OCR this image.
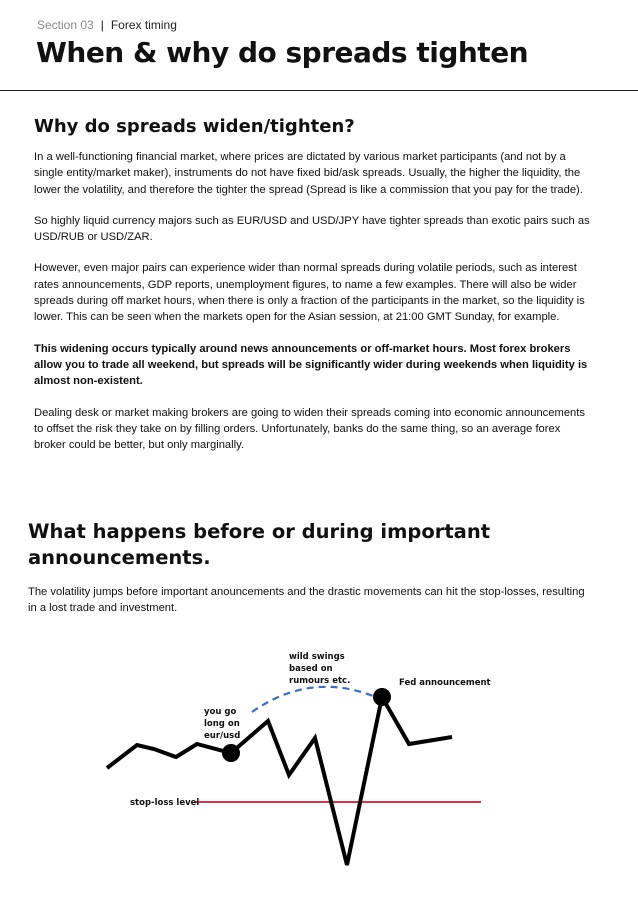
Section 03 | Forex timing
When & why do spreads tighten
Why do spreads widen/tighten?

In a well-functioning financial market, where prices are dictated by various market participants (and not by a single entity/market maker), instruments do not have fixed bid/ask spreads. Usually, the higher the liquidity, the lower the volatility, and therefore the tighter the spread (Spread is like a commission that you pay for the trade).

So highly liquid currency majors such as EUR/USD and USD/JPY have tighter spreads than exotic pairs such as USD/RUB or USD/ZAR.

However, even major pairs can experience wider than normal spreads during volatile periods, such as interest rates announcements, GDP reports, unemployment figures, to name a few examples. There will also be wider spreads during off market hours, when there is only a fraction of the participants in the market, so the liquidity is lower. This can be seen when the markets open for the Asian session, at 21:00 GMT Sunday, for example.

This widening occurs typically around news announcements or off-market hours. Most forex brokers allow you to trade all weekend, but spreads will be significantly wider during weekends when liquidity is almost non-existent.

Dealing desk or market making brokers are going to widen their spreads coming into economic announcements to offset the risk they take on by filling orders. Unfortunately, banks do the same thing, so an average forex broker could be better, but only marginally.

What happens before or during important announcements.

The volatility jumps before important anouncements and the drastic movements can hit the stop-losses, resulting in a lost trade and investment.

you go
long on
eur/usd
wild swings
based on
rumours etc.	Fed announcement
stop-loss level
